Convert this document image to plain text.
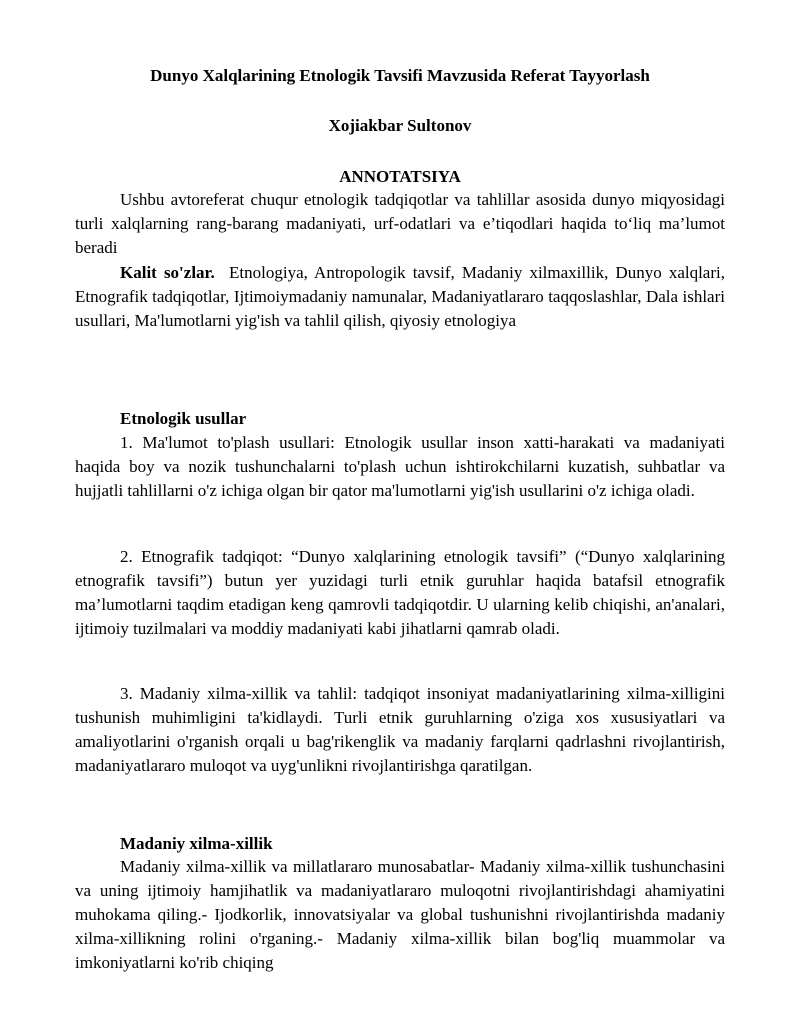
Dunyo Xalqlarining Etnologik Tavsifi Mavzusida Referat Tayyorlash
Xojiakbar Sultonov
ANNOTATSIYA

Ushbu avtoreferat chuqur etnologik tadqiqotlar va tahlillar asosida dunyo miqyosidagi turli xalqlarning rang-barang madaniyati, urf-odatlari va e’tiqodlari haqida to‘liq ma’lumot beradi

Kalit so'zlar. Etnologiya, Antropologik tavsif, Madaniy xilmaxillik, Dunyo xalqlari, Etnografik tadqiqotlar, Ijtimoiymadaniy namunalar, Madaniyatlararo taqqoslashlar, Dala ishlari usullari, Ma'lumotlarni yig'ish va tahlil qilish, qiyosiy etnologiya

Etnologik usullar

1. Ma'lumot to'plash usullari: Etnologik usullar inson xatti-harakati va madaniyati haqida boy va nozik tushunchalarni to'plash uchun ishtirokchilarni kuzatish, suhbatlar va hujjatli tahlillarni o'z ichiga olgan bir qator ma'lumotlarni yig'ish usullarini o'z ichiga oladi.

2. Etnografik tadqiqot: “Dunyo xalqlarining etnologik tavsifi” (“Dunyo xalqlarining etnografik tavsifi”) butun yer yuzidagi turli etnik guruhlar haqida batafsil etnografik ma’lumotlarni taqdim etadigan keng qamrovli tadqiqotdir. U ularning kelib chiqishi, an'analari, ijtimoiy tuzilmalari va moddiy madaniyati kabi jihatlarni qamrab oladi.

3. Madaniy xilma-xillik va tahlil: tadqiqot insoniyat madaniyatlarining xilma-xilligini tushunish muhimligini ta'kidlaydi. Turli etnik guruhlarning o'ziga xos xususiyatlari va amaliyotlarini o'rganish orqali u bag'rikenglik va madaniy farqlarni qadrlashni rivojlantirish, madaniyatlararo muloqot va uyg'unlikni rivojlantirishga qaratilgan.

Madaniy xilma-xillik

Madaniy xilma-xillik va millatlararo munosabatlar- Madaniy xilma-xillik tushunchasini va uning ijtimoiy hamjihatlik va madaniyatlararo muloqotni rivojlantirishdagi ahamiyatini muhokama qiling.- Ijodkorlik, innovatsiyalar va global tushunishni rivojlantirishda madaniy xilma-xillikning rolini o'rganing.- Madaniy xilma-xillik bilan bog'liq muammolar va imkoniyatlarni ko'rib chiqing
